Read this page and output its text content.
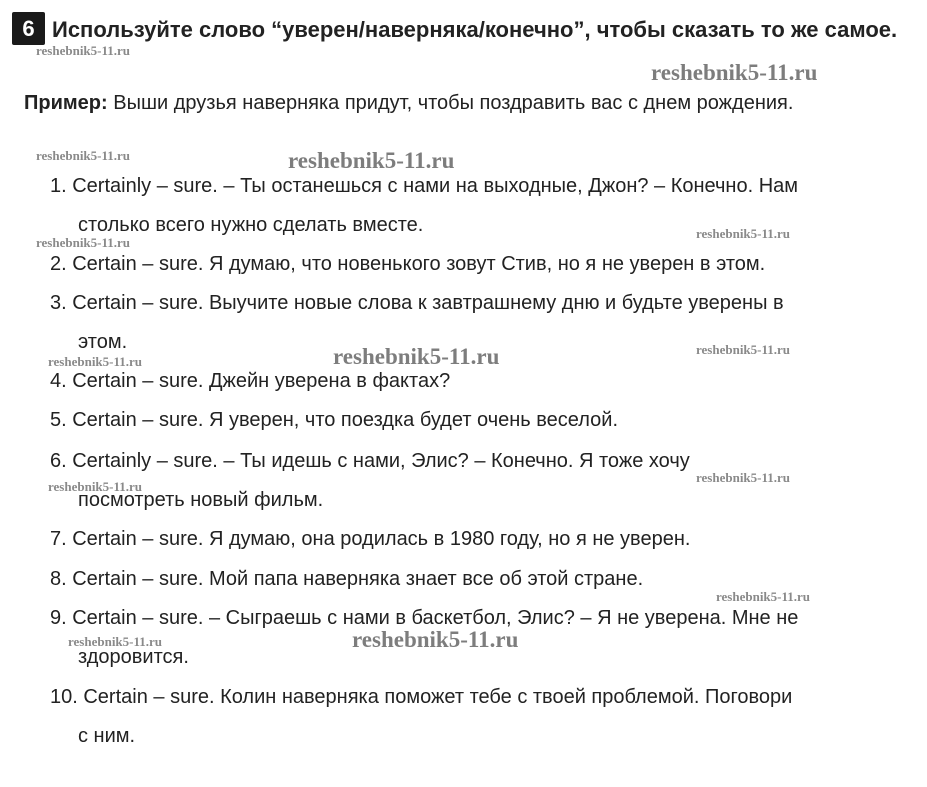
6 Используйте слово “уверен/наверняка/конечно”, чтобы сказать то же самое.
Пример: Выши друзья наверняка придут, чтобы поздравить вас с днем рождения.
1. Certainly – sure. – Ты останешься с нами на выходные, Джон? – Конечно. Нам
столько всего нужно сделать вместе.
2. Certain – sure. Я думаю, что новенького зовут Стив, но я не уверен в этом.
3. Certain – sure. Выучите новые слова к завтрашнему дню и будьте уверены в
этом.
4. Certain – sure. Джейн уверена в фактах?
5. Certain – sure. Я уверен, что поездка будет очень веселой.
6. Certainly – sure. – Ты идешь с нами, Элис? – Конечно. Я тоже хочу
посмотреть новый фильм.
7. Certain – sure. Я думаю, она родилась в 1980 году, но я не уверен.
8. Certain – sure. Мой папа наверняка знает все об этой стране.
9. Certain – sure. – Сыграешь с нами в баскетбол, Элис? – Я не уверена. Мне не
здоровится.
10. Certain – sure. Колин наверняка поможет тебе с твоей проблемой. Поговори
с ним.
reshebnik5-11.ru
reshebnik5-11.ru
reshebnik5-11.ru	reshebnik5-11.ru
reshebnik5-11.ru
reshebnik5-11.ru
reshebnik5-11.ru	reshebnik5-11.ru	reshebnik5-11.ru
reshebnik5-11.ru
reshebnik5-11.ru
reshebnik5-11.ru
reshebnik5-11.ru	reshebnik5-11.ru
